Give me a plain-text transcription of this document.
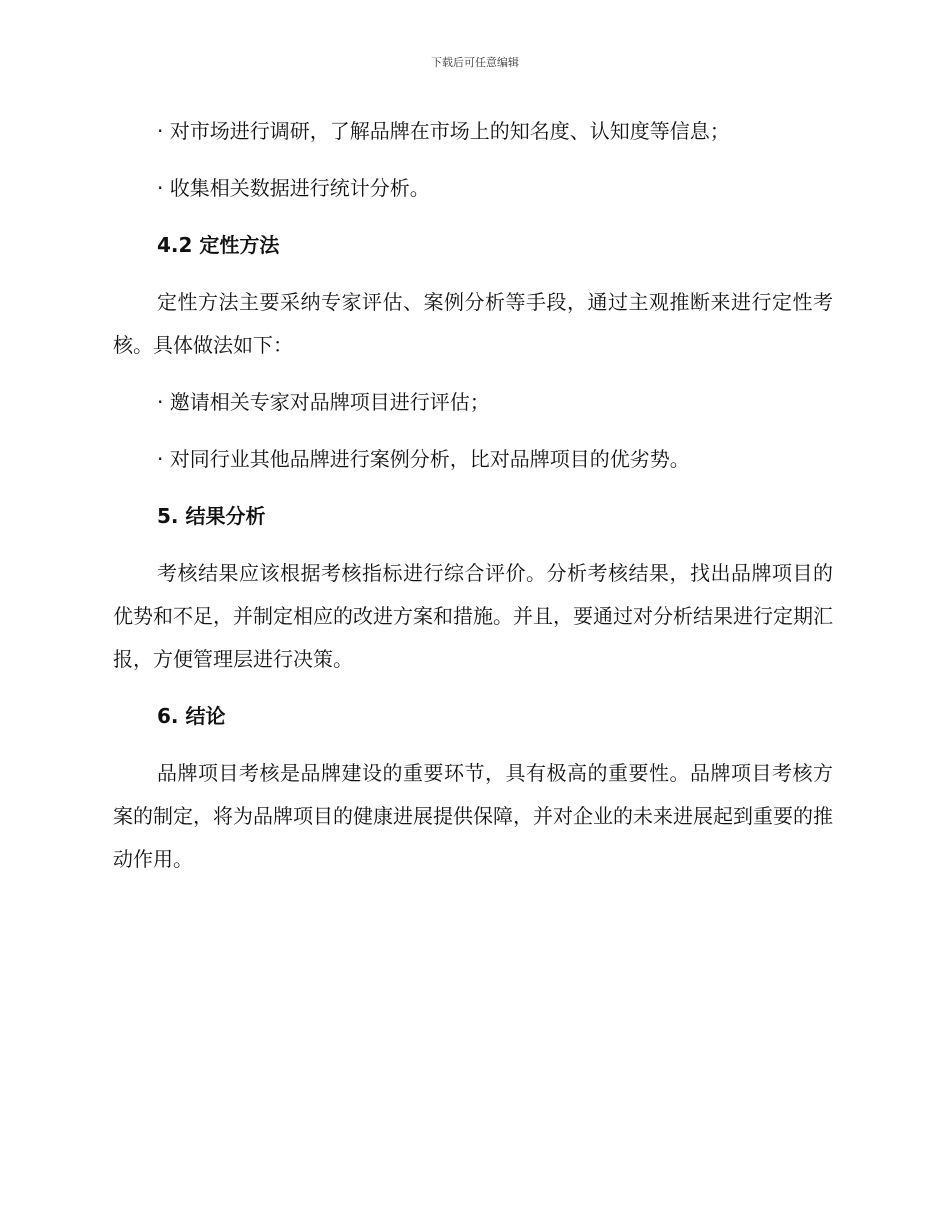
下载后可任意编辑
· 对市场进行调研，了解品牌在市场上的知名度、认知度等信息；
· 收集相关数据进行统计分析。
4.2 定性方法
定性方法主要采纳专家评估、案例分析等手段，通过主观推断来进行定性考核。具体做法如下：
· 邀请相关专家对品牌项目进行评估；
· 对同行业其他品牌进行案例分析，比对品牌项目的优劣势。
5. 结果分析
考核结果应该根据考核指标进行综合评价。分析考核结果，找出品牌项目的优势和不足，并制定相应的改进方案和措施。并且，要通过对分析结果进行定期汇报，方便管理层进行决策。
6. 结论
品牌项目考核是品牌建设的重要环节，具有极高的重要性。品牌项目考核方案的制定，将为品牌项目的健康进展提供保障，并对企业的未来进展起到重要的推动作用。
